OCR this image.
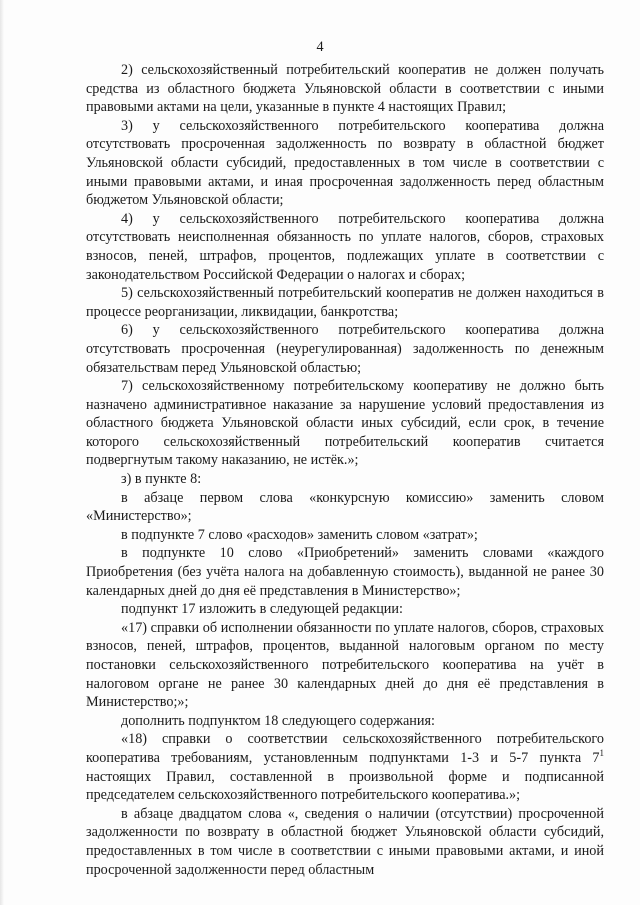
4

2) сельскохозяйственный потребительский кооператив не должен получать средства из областного бюджета Ульяновской области в соответствии с иными правовыми актами на цели, указанные в пункте 4 настоящих Правил;

3) у сельскохозяйственного потребительского кооператива должна отсутствовать просроченная задолженность по возврату в областной бюджет Ульяновской области субсидий, предоставленных в том числе в соответствии с иными правовыми актами, и иная просроченная задолженность перед областным бюджетом Ульяновской области;

4) у сельскохозяйственного потребительского кооператива должна отсутствовать неисполненная обязанность по уплате налогов, сборов, страховых взносов, пеней, штрафов, процентов, подлежащих уплате в соответствии с законодательством Российской Федерации о налогах и сборах;

5) сельскохозяйственный потребительский кооператив не должен находиться в процессе реорганизации, ликвидации, банкротства;

6) у сельскохозяйственного потребительского кооператива должна отсутствовать просроченная (неурегулированная) задолженность по денежным обязательствам перед Ульяновской областью;

7) сельскохозяйственному потребительскому кооперативу не должно быть назначено административное наказание за нарушение условий предоставления из областного бюджета Ульяновской области иных субсидий, если срок, в течение которого сельскохозяйственный потребительский кооператив считается подвергнутым такому наказанию, не истёк.»;

з) в пункте 8:

в абзаце первом слова «конкурсную комиссию» заменить словом «Министерство»;

в подпункте 7 слово «расходов» заменить словом «затрат»;

в подпункте 10 слово «Приобретений» заменить словами «каждого Приобретения (без учёта налога на добавленную стоимость), выданной не ранее 30 календарных дней до дня её представления в Министерство»;

подпункт 17 изложить в следующей редакции:

«17) справки об исполнении обязанности по уплате налогов, сборов, страховых взносов, пеней, штрафов, процентов, выданной налоговым органом по месту постановки сельскохозяйственного потребительского кооператива на учёт в налоговом органе не ранее 30 календарных дней до дня её представления в Министерство;»;

дополнить подпунктом 18 следующего содержания:

«18) справки о соответствии сельскохозяйственного потребительского кооператива требованиям, установленным подпунктами 1-3 и 5-7 пункта $7^1$ настоящих Правил, составленной в произвольной форме и подписанной председателем сельскохозяйственного потребительского кооператива.»;

в абзаце двадцатом слова «, сведения о наличии (отсутствии) просроченной задолженности по возврату в областной бюджет Ульяновской области субсидий, предоставленных в том числе в соответствии с иными правовыми актами, и иной просроченной задолженности перед областным
